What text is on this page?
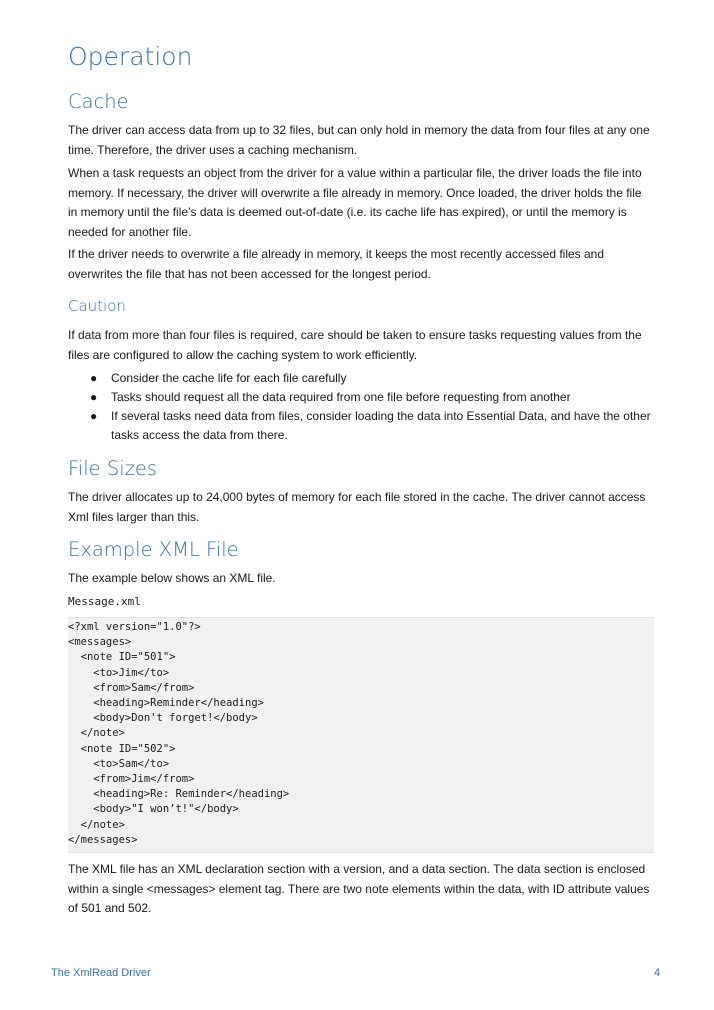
Operation
Cache

The driver can access data from up to 32 files, but can only hold in memory the data from four files at any one time. Therefore, the driver uses a caching mechanism.

When a task requests an object from the driver for a value within a particular file, the driver loads the file into memory. If necessary, the driver will overwrite a file already in memory. Once loaded, the driver holds the file in memory until the file’s data is deemed out-of-date (i.e. its cache life has expired), or until the memory is needed for another file.

If the driver needs to overwrite a file already in memory, it keeps the most recently accessed files and overwrites the file that has not been accessed for the longest period.

Caution

If data from more than four files is required, care should be taken to ensure tasks requesting values from the files are configured to allow the caching system to work efficiently.

● Consider the cache life for each file carefully
● Tasks should request all the data required from one file before requesting from another
● If several tasks need data from files, consider loading the data into Essential Data, and have the other tasks access the data from there.
File Sizes

The driver allocates up to 24,000 bytes of memory for each file stored in the cache. The driver cannot access Xml files larger than this.

Example XML File

The example below shows an XML file.

Message.xml
<?xml version="1.0"?>
<messages>
<note ID="501">
<to>Jim</to>
<from>Sam</from>
<heading>Reminder</heading>
<body>Don't forget!</body>
</note>
<note ID="502">
<to>Sam</to>
<from>Jim</from>
<heading>Re: Reminder</heading>
<body>"I won’t!"</body>
</note>
</messages>

The XML file has an XML declaration section with a version, and a data section. The data section is enclosed within a single <messages> element tag. There are two note elements within the data, with ID attribute values of 501 and 502.

The XmlRead Driver	4
